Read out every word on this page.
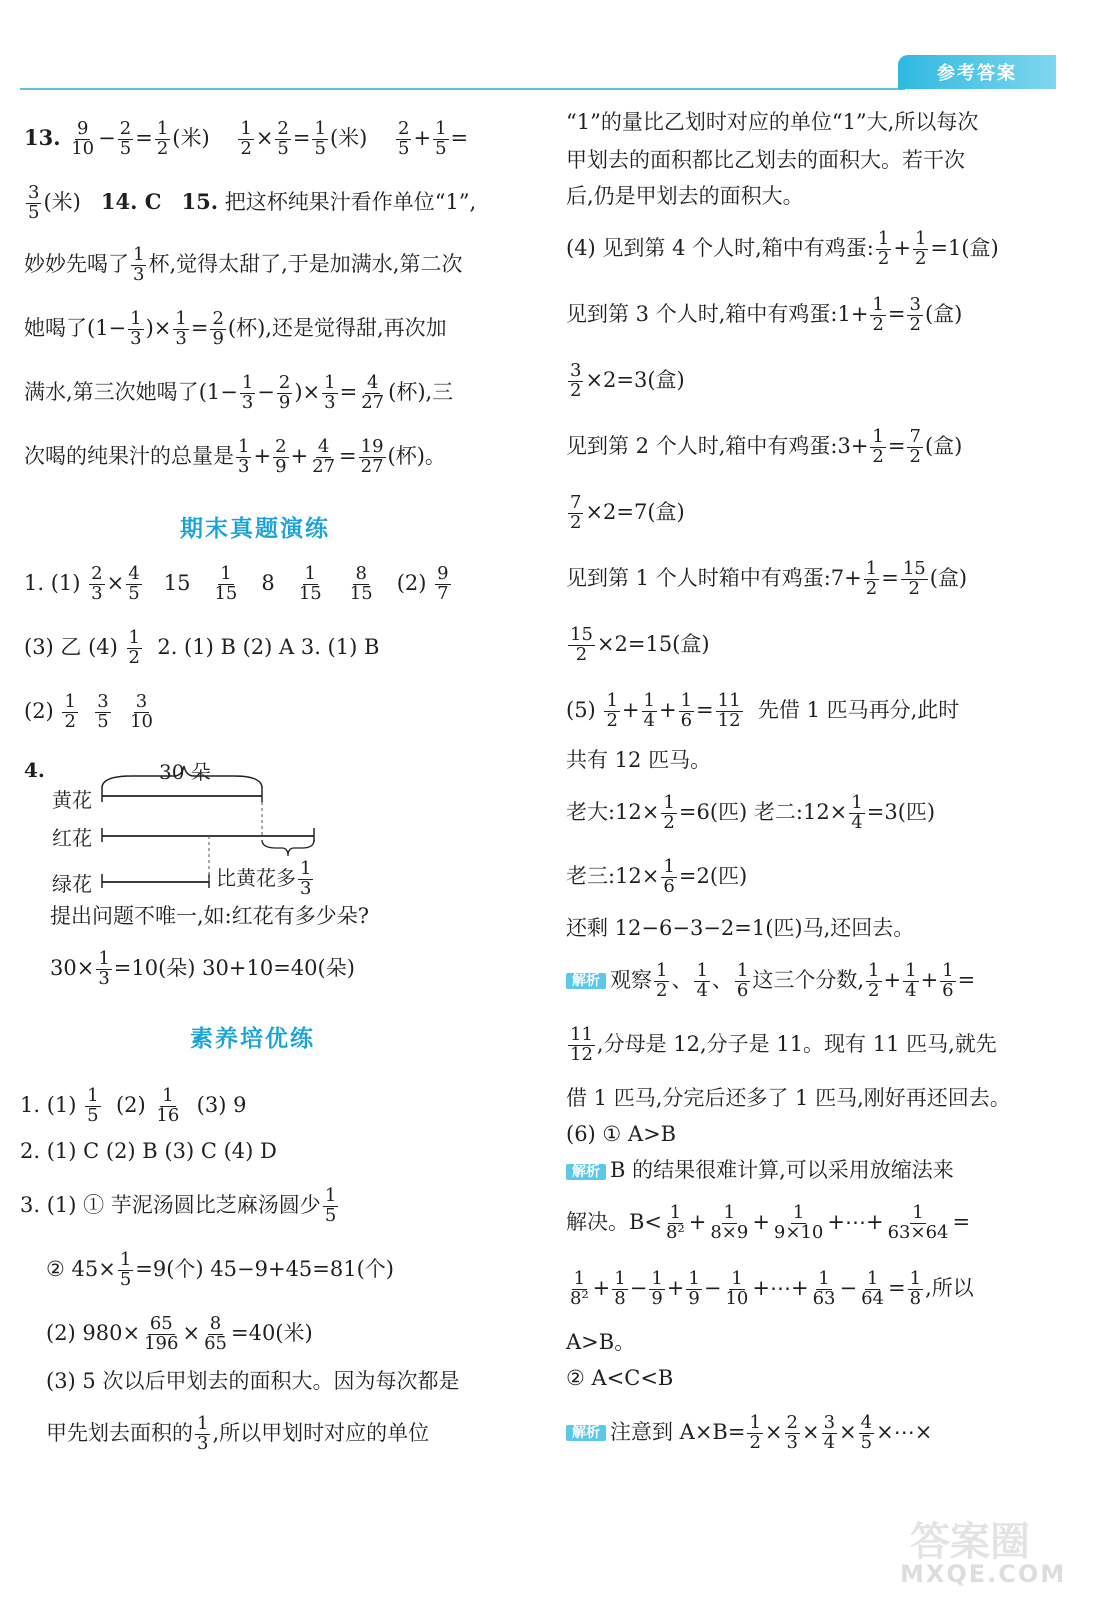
参考答案
13. $\frac{9}{10} - \frac{2}{5} = \frac{1}{2}$ (米) $\frac{1}{2} \times \frac{2}{5} = \frac{1}{5}$ (米) $\frac{2}{5} + \frac{1}{5}$ =
$\frac{3}{5}$ (米) 14. C 15. 把这杯纯果汁看作单位“1”,
妙妙先喝了 $\frac{1}{3}$ 杯,觉得太甜了,于是加满水,第二次
她喝了($1- \frac{1}{3}$ )× $\frac{1}{3} = \frac{2}{9}$ (杯),还是觉得甜,再次加
满水,第三次她喝了($1- \frac{1}{3} - \frac{2}{9}$ )× $\frac{1}{3} = \frac{4}{27}$ (杯),三
次喝的纯果汁的总量是 $\frac{1}{3} + \frac{2}{9} + \frac{4}{27} = \frac{19}{27}$ (杯)。
期末真题演练
1. $(1) \frac{2}{3} \times \frac{4}{5} 15 \frac{1}{15} 8 \frac{1}{15}$
$\frac{8}{15} (2) \frac{9}{7}$
(3) 乙 $(4) \frac{1}{2} 2$. (1) B (2) A 3. (1) B
$(2) \frac{1}{2}$
$\frac{3}{5}$
$\frac{3}{10}$
4.	30 朵
黄花
红花
绿花	比黄花多 $\frac{1}{3}$
提出问题不唯一,如:红花有多少朵?
$30\times \frac{1}{3} =10$(朵) 30+10=40(朵)
素养培优练
1. $(1) \frac{1}{5} (2) \frac{1}{16} (3)$ 9
2. (1) C (2) B (3) C (4) D
3. (1) ① 芋泥汤圆比芝麻汤圆少 $\frac{1}{5}$
② $45\times \frac{1}{5} =9$(个) 45−9+45=81(个)
(2) $980\times \frac{65}{196} \times \frac{8}{65} =40$(米)
(3) 5 次以后甲划去的面积大。因为每次都是
甲先划去面积的 $\frac{1}{3}$ ,所以甲划时对应的单位
“1”的量比乙划时对应的单位“1”大,所以每次
甲划去的面积都比乙划去的面积大。若干次
后,仍是甲划去的面积大。
(4) 见到第 4 个人时,箱中有鸡蛋: $\frac{1}{2} + \frac{1}{2} =1$(盒)
见到第 3 个人时,箱中有鸡蛋:1+ $\frac{1}{2} = \frac{3}{2}$ (盒)
$\frac{3}{2} \times 2=3$(盒)
见到第 2 个人时,箱中有鸡蛋:3+ $\frac{1}{2} = \frac{7}{2}$ (盒)
$\frac{7}{2} \times 2=7$(盒)
见到第 1 个人时箱中有鸡蛋:7+ $\frac{1}{2} = \frac{15}{2}$ (盒)
$\frac{15}{2} \times 2=15$(盒)
$(5) \frac{1}{2} + \frac{1}{4} + \frac{1}{6} = \frac{11}{12}$ 先借 1 匹马再分,此时
共有 12 匹马。
老大:12× $\frac{1}{2} =6$(匹) 老二:12× $\frac{1}{4} =3$(匹)
老三:12× $\frac{1}{6} =2$(匹)
还剩 12−6−3−2=1(匹)马,还回去。
解析 观察 $\frac{1}{2}$ 、 $\frac{1}{4}$ 、 $\frac{1}{6}$ 这三个分数, $\frac{1}{2} + \frac{1}{4} + \frac{1}{6}$ =
$\frac{11}{12}$ ,分母是 12,分子是 11。现有 11 匹马,就先
借 1 匹马,分完后还多了 1 匹马,刚好再还回去。
(6) ① A>B
解析 B 的结果很难计算,可以采用放缩法来
解决。$B< \frac{1}{\text{8²}} + \frac{1}{8\times 9} + \frac{1}{9\times 10}$ +⋯+ $\frac{1}{63\times 64}$ =
$\frac{1}{\text{8²}} + \frac{1}{8} - \frac{1}{9} + \frac{1}{9} - \frac{1}{10}$ +⋯+ $\frac{1}{63} - \frac{1}{64} = \frac{1}{8}$ ,所以
A>B。
② A<C<B
解析 注意到 $A\times B= \frac{1}{2} \times \frac{2}{3} \times \frac{3}{4} \times \frac{4}{5}$ ×⋯×
答案圈
MXQE.COM
